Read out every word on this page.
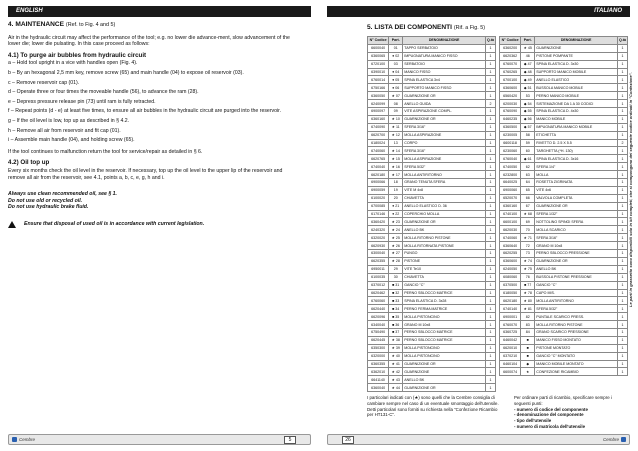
ENGLISH
4. MAINTENANCE (Ref. to Fig. 4 and 5)

Air in the hydraulic circuit may affect the performance of the tool; e.g. no lower die advance-ment, slow advancement of the lower die; lower die pulsating. In this case proceed as follows:

4.1) To purge air bubbles from hydraulic circuit

a – Hold tool upright in a vice with handles open (Fig. 4).

b – By an hexagonal 2,5 mm key, remove screw (65) and main handle (04) to expose oil reservoir (03).

c – Remove reservoir cap (01).

d – Operate three or four times the moveable handle (56), to advance the ram (28).

e – Depress pressure release pin (73) until ram is fully retracted.

f – Repeat points (d - e) at least five times, to ensure all air bubbles in the hydraulic circuit are purged into the reservoir.

g – If the oil level is low, top up as described in § 4.2.

h – Remove all air from reservoir and fit cap (01).

i – Assemble main handle (04), and holding screw (65).

If the tool continues to malfunction return the tool for service/repair as detailed in § 6.

4.2) Oil top up

Every six months check the oil level in the reservoir. If necessary, top up the oil level to the upper lip of the reservoir and remove all air from the reservoir, see 4.1, points a, b, c, e, g, h and i.

Always use clean recommended oil, see § 1.
Do not use old or recycled oil.
Do not use hydraulic brake fluid.
Ensure that disposal of used oil is in accordance with current legislation.
Cembre	5
ITALIANO
5. LISTA DEI COMPONENTI (Rif. a Fig. 5)
N° Codice	Part.	DENOMINAZIONE	Q.tà
6600040	01	TAPPO SERBATOIO	1
6360065	● 02	IMPUGNATURA MANICO FISSO	1
6720100	03	SERBATOIO	1
6390010	● 04	MANICO FISSO	1
6760014	● 05	SPINA ELASTICA 3x4	1
6750166	● 06	SUPPORTO MANICO FISSO	1
6360050	★ 07	GUARNIZIONE OR	1
6240099	08	ANELLO GUIDA	2
6900097	09	VITE ASPIRAZIONE COMPL.	1
6360160	★ 10	GUARNIZIONE OR	1
6740090	★ 11	SFERA 3/16"	1
6620700	★ 12	MOLLA ASPIRAZIONE	1
6180024	13	CORPO	1
6740060	★ 14	SFERA 3/16"	1
6620765	★ 15	MOLLA ASPIRAZIONE	1
6740040	★ 16	SFERA 5/32"	1
6620180	★ 17	MOLLA ANTIRITORNO	1
6900066	18	GRANO TENUTA SFERA	1
6900059	19	VITE M 4x8	1
6100020	20	CHIAVETTA	1
6700085	● 21	ANELLO ELASTICO D. 36	1
6170146	● 22	COPERCHIO MOLLA	1
6360420	★ 23	GUARNIZIONE OR	1
6240320	★ 24	ANELLO BK	1
6320020	★ 25	MOLLA RITORNO PISTONE	1
6620930	★ 26	MOLLA RITORNATA PISTONE	1
6300040	★ 27	PUNGO	1
6620355	★ 28	PISTONE	1
6950011	29	VITE Te10	1
6100035	30	CHIAVETTA	1
6370012	■ 31	GANCIO "C"	1
6620462	■ 32	PERNO SBLOCCO MATRICE	1
6760060	■ 33	SPINA ELASTICA D. 3x28	1
6620440	■ 34	PERNO FERMA MATRICE	1
6620096	■ 35	MOLLA PISTONCINO	1
6340040	■ 36	GRANO M 10x8	1
6750490	■ 37	PERNO SBLOCCO MATRICE	1
6620445	★ 38	PERNO SBLOCCO MATRICE	1
6350300	★ 39	MOLLA PISTONCINO	1
6320000	★ 40	MOLLA PISTONCINO	1
6360355	★ 41	GUARNIZIONE OR	1
6362010	★ 42	GUARNIZIONE	1
6641140	★ 43	ANELLO BK	1
6360040	★ 44	GUARNIZIONE OR	1
N° Codice	Part.	DENOMINAZIONE	Q.tà
6360200	★ 45	GUARNIZIONE	1
6620362	46	PISTONE POMPANTE	1
6760070	◆ 47	SPINA ELASTICA D. 3x30	1
6760265	◆ 48	SUPPORTO MANICO MOBILE	1
6700100	◆ 49	ANELLO ELASTICO	1
6360600	◆ 51	BUSSOLA MANICO MOBILE	1
6560420	53	PERNO MANICO MOBILE	1
6200030	◆ 54	SISTEMAZIONE DA 1 A 30 CODICI	1
6760090	◆ 55	SPINA ELASTICA D. 4x30	1
6460235	◆ 56	MANICO MOBILE	1
6360500	◆ 57	IMPUGNATURA MANICO MOBILE	1
6230005	58	ETICHETTA	1
6600118	59	RIVETTO D. 2.5 X 5.5	2
6230060	60	TARGHETTA (*H. 130)	1
6760040	◆ 61	SPINA ELASTICA D. 3x16	1
6740050	62	SFERA 1/4"	1
6232800	63	MOLLA	1
6640025	64	ROSETTA ZIGRINATA	1
6900060	65	VITE 4x6	1
6520070	66	VALVOLA COMPLETA	1
6360160	67	GUARNIZIONE OR	1
6740100	★ 68	SFERA 1/32"	1
6600100	69	NOTTOLINO SPINGI SFERA	1
6620030	70	MOLLA SCARICO	1
6740060	★ 71	SFERA 3/16"	1
6360640	72	GRANO M 10x8	1
6620255	73	PERNO SBLOCCO PRESSIONE	1
6360600	★ 74	GUARNIZIONE OR	1
6240050	★ 75	ANELLO BK	1
6080060	76	BUSSOLA PISTONE PRESSIONE	1
6370500	■ 77	GANCIO "C"	1
6180050	★ 78	CAPO MIS.	1
6620180	★ 80	MOLLA ANTIRITORNO	1
6740140	★ 81	SFERA 5/32"	1
6900001	82	PUNTALE SCARICO PRESS.	1
6760070	83	MOLLA RITORNO PISTONE	1
6360725	84	GRANO SCARICO PRESSIONE	1
6460042	■	MANICO FISSO MONTATO	1
6620010	■	PISTONE MONTATO	1
6370210	■	GANCIO "C" MONTATO	1
6460104	◆	MANICO MOBILE MONTATO	1
6600074	★	CONFEZIONE RICAMBIO	1
Le parti in grassetto sono disponibili solo in kit completi, che si compongono del seguente codice ordinati in "Confezione".
I particolari indicati con (★) sono quelli che la Cembre consiglia di cambiare sempre nel caso di un eventuale smontaggio dell'utensile. Detti particolari sono forniti su richiesta nella "Confezione Ricambio per HT131-C".
Per ordinare parti di ricambio, specificare sempre i seguenti punti:
- numero di codice del componente
- denominazione del componente
- tipo dell'utensile
- numero di matricola dell'utensile
26	Cembre
